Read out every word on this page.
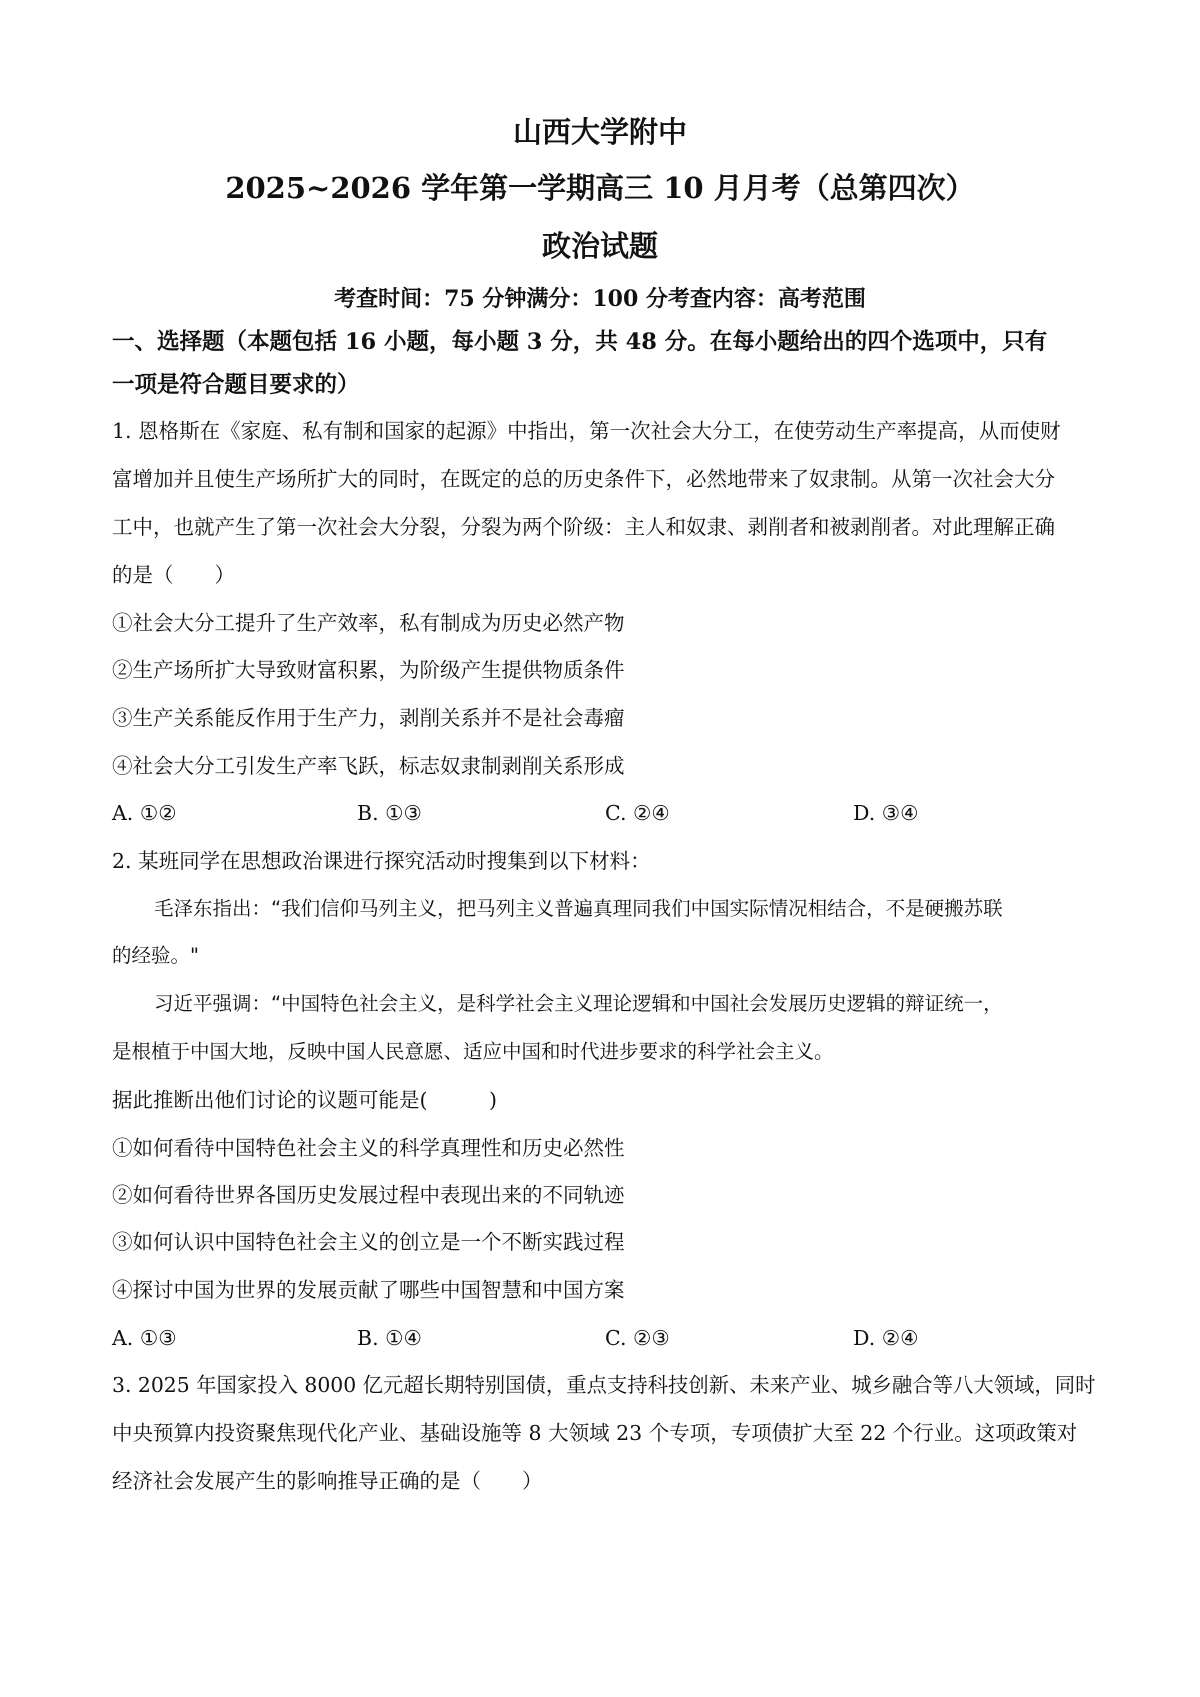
山西大学附中
2025~2026 学年第一学期高三 10 月月考（总第四次）
政治试题
考查时间：75 分钟满分：100 分考查内容：高考范围
一、选择题（本题包括 16 小题，每小题 3 分，共 48 分。在每小题给出的四个选项中，只有
一项是符合题目要求的）
1. 恩格斯在《家庭、私有制和国家的起源》中指出，第一次社会大分工，在使劳动生产率提高，从而使财
富增加并且使生产场所扩大的同时，在既定的总的历史条件下，必然地带来了奴隶制。从第一次社会大分
工中，也就产生了第一次社会大分裂，分裂为两个阶级：主人和奴隶、剥削者和被剥削者。对此理解正确
的是（　　）
①社会大分工提升了生产效率，私有制成为历史必然产物
②生产场所扩大导致财富积累，为阶级产生提供物质条件
③生产关系能反作用于生产力，剥削关系并不是社会毒瘤
④社会大分工引发生产率飞跃，标志奴隶制剥削关系形成
A. ①②	B. ①③	C. ②④	D. ③④
2. 某班同学在思想政治课进行探究活动时搜集到以下材料：
毛泽东指出：“我们信仰马列主义，把马列主义普遍真理同我们中国实际情况相结合，不是硬搬苏联
的经验。"
习近平强调：“中国特色社会主义，是科学社会主义理论逻辑和中国社会发展历史逻辑的辩证统一，
是根植于中国大地，反映中国人民意愿、适应中国和时代进步要求的科学社会主义。
据此推断出他们讨论的议题可能是(　　　)
①如何看待中国特色社会主义的科学真理性和历史必然性
②如何看待世界各国历史发展过程中表现出来的不同轨迹
③如何认识中国特色社会主义的创立是一个不断实践过程
④探讨中国为世界的发展贡献了哪些中国智慧和中国方案
A. ①③	B. ①④	C. ②③	D. ②④
3. 2025 年国家投入 8000 亿元超长期特别国债，重点支持科技创新、未来产业、城乡融合等八大领域，同时
中央预算内投资聚焦现代化产业、基础设施等 8 大领域 23 个专项，专项债扩大至 22 个行业。这项政策对
经济社会发展产生的影响推导正确的是（　　）
